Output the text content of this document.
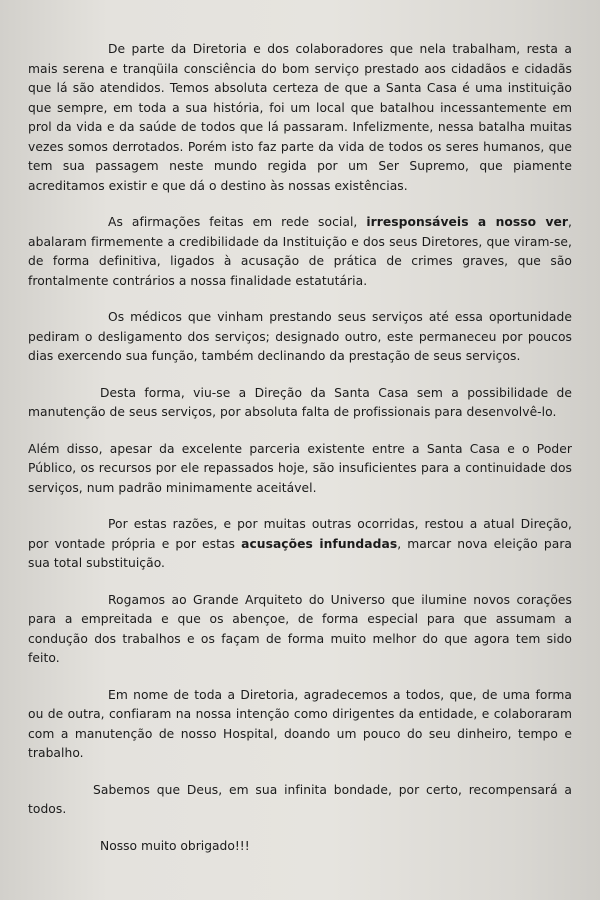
De parte da Diretoria e dos colaboradores que nela trabalham, resta a mais serena e tranqüila consciência do bom serviço prestado aos cidadãos e cidadãs que lá são atendidos. Temos absoluta certeza de que a Santa Casa é uma instituição que sempre, em toda a sua história, foi um local que batalhou incessantemente em prol da vida e da saúde de todos que lá passaram. Infelizmente, nessa batalha muitas vezes somos derrotados. Porém isto faz parte da vida de todos os seres humanos, que tem sua passagem neste mundo regida por um Ser Supremo, que piamente acreditamos existir e que dá o destino às nossas existências.

As afirmações feitas em rede social, irresponsáveis a nosso ver, abalaram firmemente a credibilidade da Instituição e dos seus Diretores, que viram-se, de forma definitiva, ligados à acusação de prática de crimes graves, que são frontalmente contrários a nossa finalidade estatutária.

Os médicos que vinham prestando seus serviços até essa oportunidade pediram o desligamento dos serviços; designado outro, este permaneceu por poucos dias exercendo sua função, também declinando da prestação de seus serviços.

Desta forma, viu-se a Direção da Santa Casa sem a possibilidade de manutenção de seus serviços, por absoluta falta de profissionais para desenvolvê-lo.

Além disso, apesar da excelente parceria existente entre a Santa Casa e o Poder Público, os recursos por ele repassados hoje, são insuficientes para a continuidade dos serviços, num padrão minimamente aceitável.

Por estas razões, e por muitas outras ocorridas, restou a atual Direção, por vontade própria e por estas acusações infundadas, marcar nova eleição para sua total substituição.

Rogamos ao Grande Arquiteto do Universo que ilumine novos corações para a empreitada e que os abençoe, de forma especial para que assumam a condução dos trabalhos e os façam de forma muito melhor do que agora tem sido feito.

Em nome de toda a Diretoria, agradecemos a todos, que, de uma forma ou de outra, confiaram na nossa intenção como dirigentes da entidade, e colaboraram com a manutenção de nosso Hospital, doando um pouco do seu dinheiro, tempo e trabalho.

Sabemos que Deus, em sua infinita bondade, por certo, recompensará a todos.

Nosso muito obrigado!!!
